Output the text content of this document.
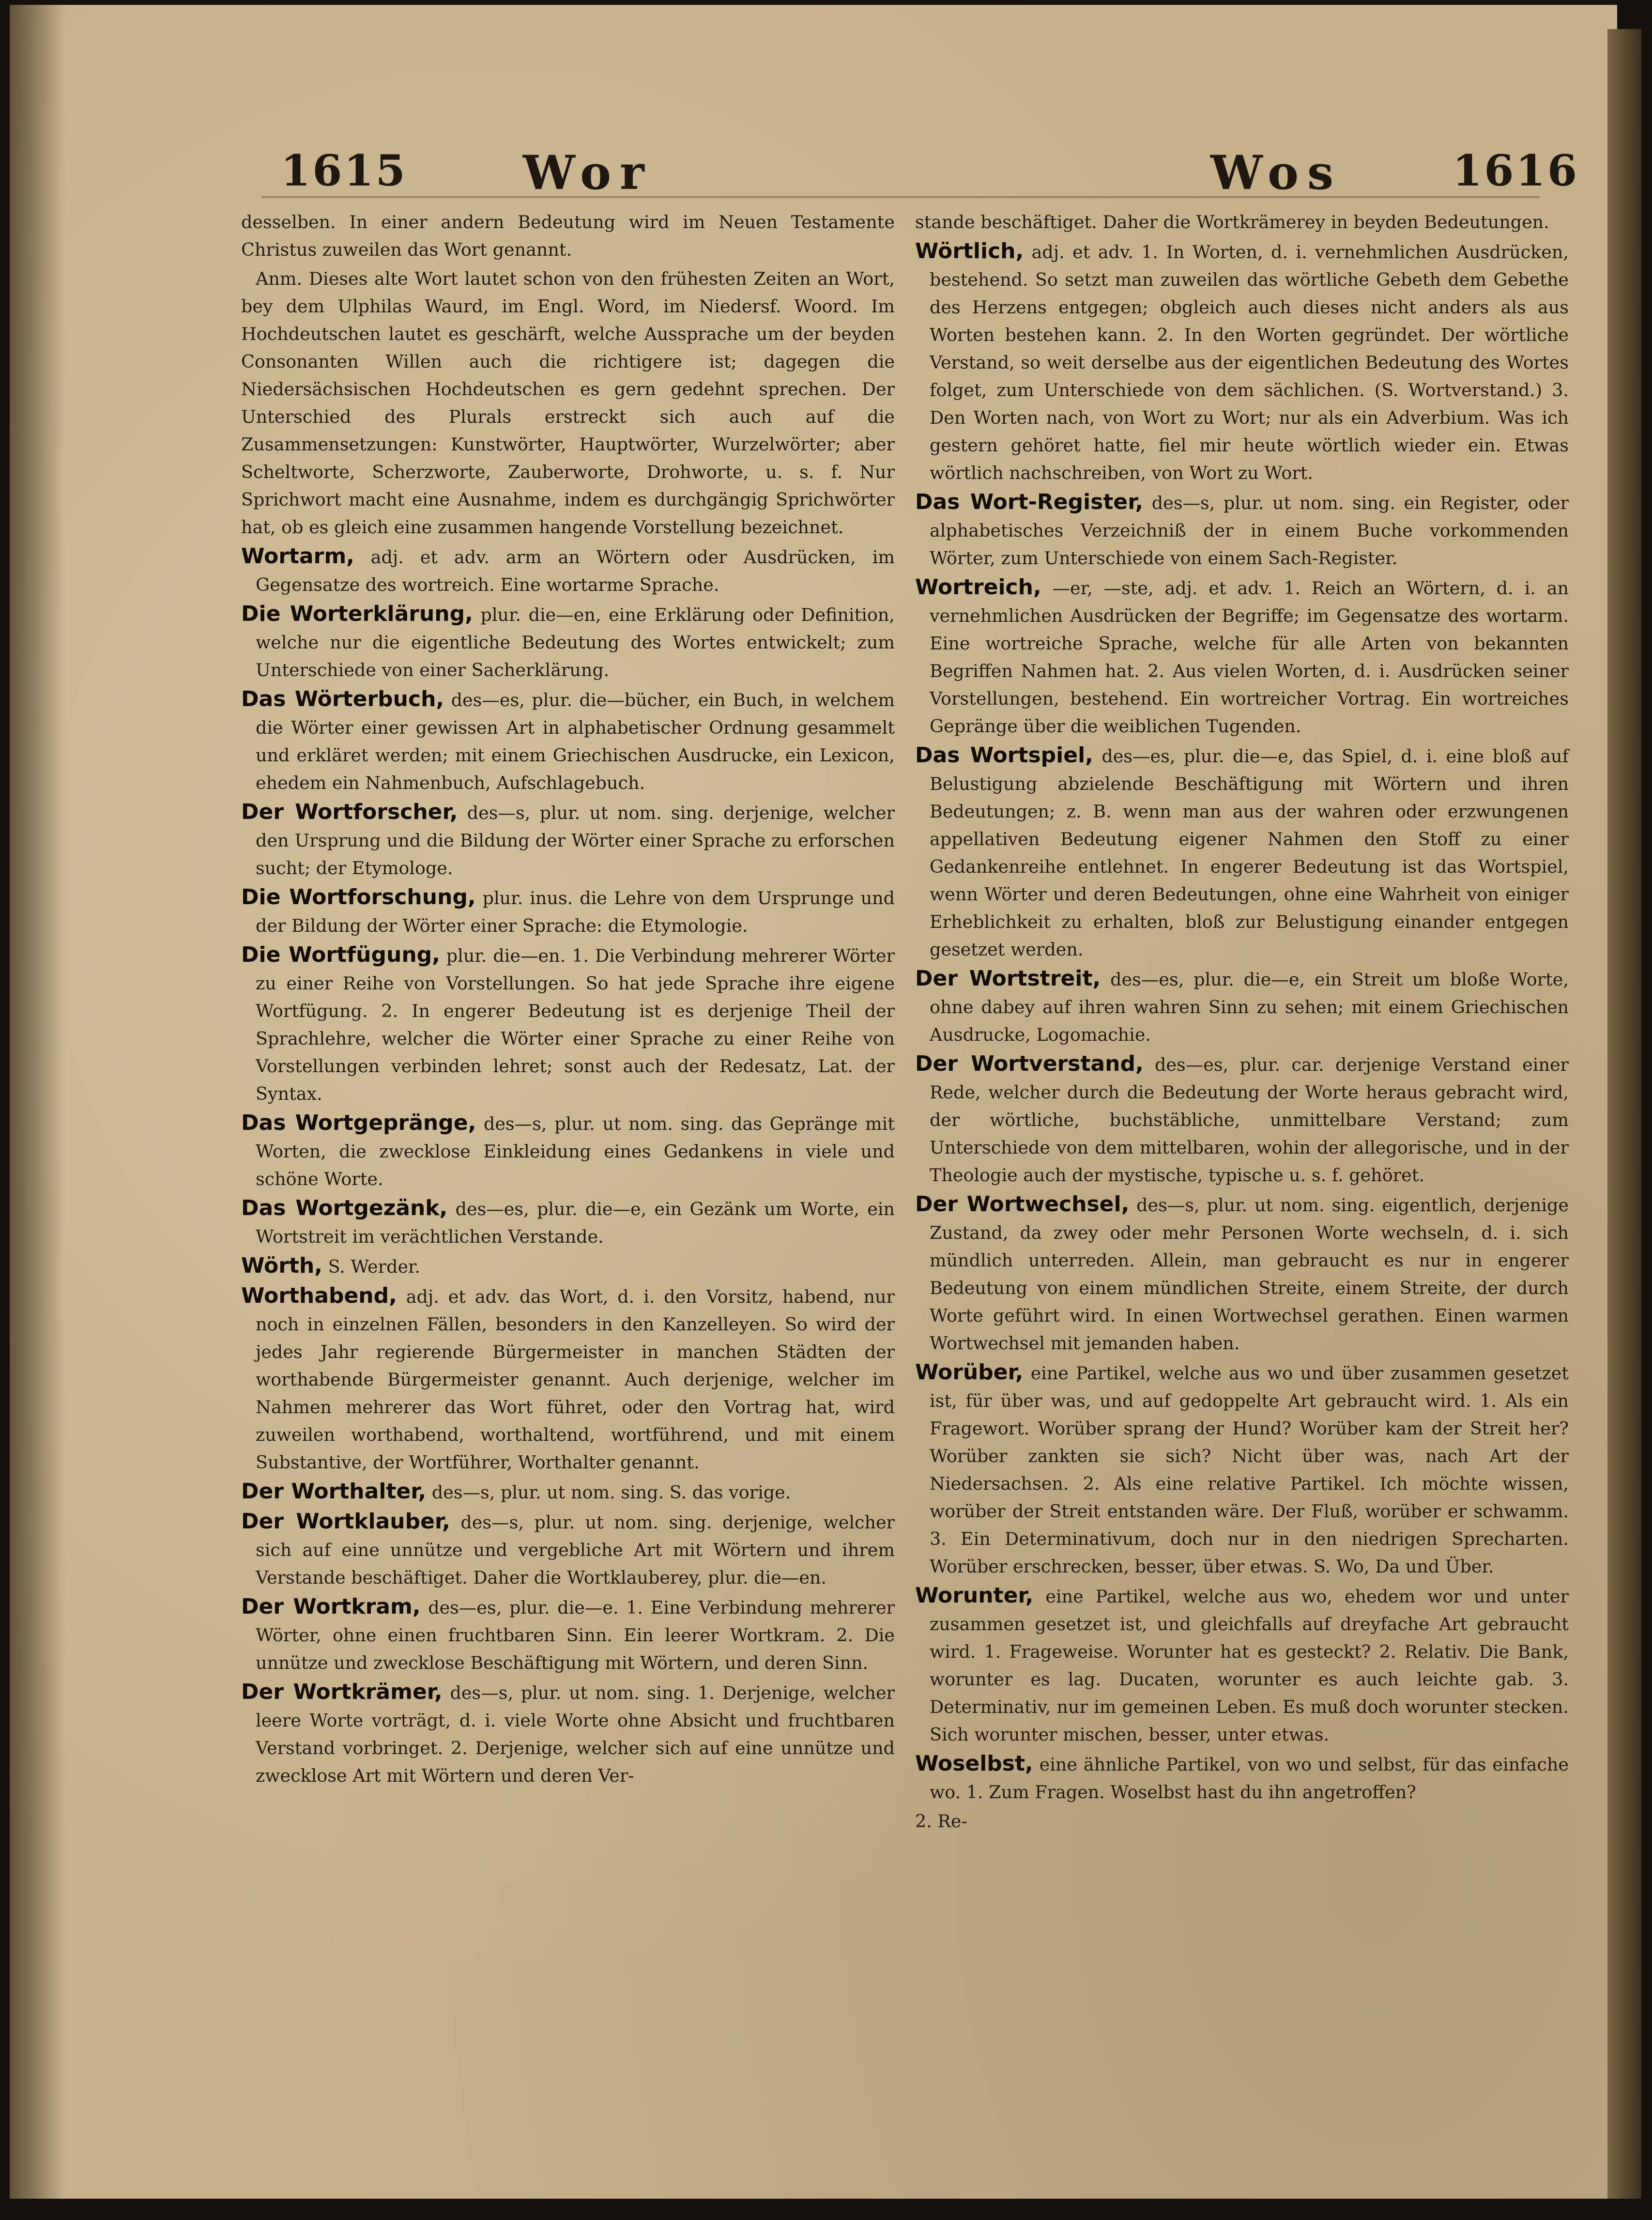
1615 Wor	Wos	1616

desselben. In einer andern Bedeutung wird im Neuen Testamente Christus zuweilen das Wort genannt.

Anm. Dieses alte Wort lautet schon von den frühesten Zeiten an Wort, bey dem Ulphilas Waurd, im Engl. Word, im Niedersf. Woord. Im Hochdeutschen lautet es geschärft, welche Aussprache um der beyden Consonanten Willen auch die richtigere ist; dagegen die Niedersächsischen Hochdeutschen es gern gedehnt sprechen. Der Unterschied des Plurals erstreckt sich auch auf die Zusammensetzungen: Kunstwörter, Hauptwörter, Wurzelwörter; aber Scheltworte, Scherzworte, Zauberworte, Drohworte, u. s. f. Nur Sprichwort macht eine Ausnahme, indem es durchgängig Sprichwörter hat, ob es gleich eine zusammen hangende Vorstellung bezeichnet.

Wortarm, adj. et adv. arm an Wörtern oder Ausdrücken, im Gegensatze des wortreich. Eine wortarme Sprache.

Die Worterklärung, plur. die—en, eine Erklärung oder Definition, welche nur die eigentliche Bedeutung des Wortes entwickelt; zum Unterschiede von einer Sacherklärung.

Das Wörterbuch, des—es, plur. die—bücher, ein Buch, in welchem die Wörter einer gewissen Art in alphabetischer Ordnung gesammelt und erkläret werden; mit einem Griechischen Ausdrucke, ein Lexicon, ehedem ein Nahmenbuch, Aufschlagebuch.

Der Wortforscher, des—s, plur. ut nom. sing. derjenige, welcher den Ursprung und die Bildung der Wörter einer Sprache zu erforschen sucht; der Etymologe.

Die Wortforschung, plur. inus. die Lehre von dem Ursprunge und der Bildung der Wörter einer Sprache: die Etymologie.

Die Wortfügung, plur. die—en. 1. Die Verbindung mehrerer Wörter zu einer Reihe von Vorstellungen. So hat jede Sprache ihre eigene Wortfügung. 2. In engerer Bedeutung ist es derjenige Theil der Sprachlehre, welcher die Wörter einer Sprache zu einer Reihe von Vorstellungen verbinden lehret; sonst auch der Redesatz, Lat. der Syntax.

Das Wortgepränge, des—s, plur. ut nom. sing. das Gepränge mit Worten, die zwecklose Einkleidung eines Gedankens in viele und schöne Worte.

Das Wortgezänk, des—es, plur. die—e, ein Gezänk um Worte, ein Wortstreit im verächtlichen Verstande.

Wörth, S. Werder.

Worthabend, adj. et adv. das Wort, d. i. den Vorsitz, habend, nur noch in einzelnen Fällen, besonders in den Kanzelleyen. So wird der jedes Jahr regierende Bürgermeister in manchen Städten der worthabende Bürgermeister genannt. Auch derjenige, welcher im Nahmen mehrerer das Wort führet, oder den Vortrag hat, wird zuweilen worthabend, worthaltend, wortführend, und mit einem Substantive, der Wortführer, Worthalter genannt.

Der Worthalter, des—s, plur. ut nom. sing. S. das vorige.

Der Wortklauber, des—s, plur. ut nom. sing. derjenige, welcher sich auf eine unnütze und vergebliche Art mit Wörtern und ihrem Verstande beschäftiget. Daher die Wortklauberey, plur. die—en.

Der Wortkram, des—es, plur. die—e. 1. Eine Verbindung mehrerer Wörter, ohne einen fruchtbaren Sinn. Ein leerer Wortkram. 2. Die unnütze und zwecklose Beschäftigung mit Wörtern, und deren Sinn.

Der Wortkrämer, des—s, plur. ut nom. sing. 1. Derjenige, welcher leere Worte vorträgt, d. i. viele Worte ohne Absicht und fruchtbaren Verstand vorbringet. 2. Derjenige, welcher sich auf eine unnütze und zwecklose Art mit Wörtern und deren Ver-

stande beschäftiget. Daher die Wortkrämerey in beyden Bedeutungen.

Wörtlich, adj. et adv. 1. In Worten, d. i. vernehmlichen Ausdrücken, bestehend. So setzt man zuweilen das wörtliche Gebeth dem Gebethe des Herzens entgegen; obgleich auch dieses nicht anders als aus Worten bestehen kann. 2. In den Worten gegründet. Der wörtliche Verstand, so weit derselbe aus der eigentlichen Bedeutung des Wortes folget, zum Unterschiede von dem sächlichen. (S. Wortverstand.) 3. Den Worten nach, von Wort zu Wort; nur als ein Adverbium. Was ich gestern gehöret hatte, fiel mir heute wörtlich wieder ein. Etwas wörtlich nachschreiben, von Wort zu Wort.

Das Wort-Register, des—s, plur. ut nom. sing. ein Register, oder alphabetisches Verzeichniß der in einem Buche vorkommenden Wörter, zum Unterschiede von einem Sach-Register.

Wortreich, —er, —ste, adj. et adv. 1. Reich an Wörtern, d. i. an vernehmlichen Ausdrücken der Begriffe; im Gegensatze des wortarm. Eine wortreiche Sprache, welche für alle Arten von bekannten Begriffen Nahmen hat. 2. Aus vielen Worten, d. i. Ausdrücken seiner Vorstellungen, bestehend. Ein wortreicher Vortrag. Ein wortreiches Gepränge über die weiblichen Tugenden.

Das Wortspiel, des—es, plur. die—e, das Spiel, d. i. eine bloß auf Belustigung abzielende Beschäftigung mit Wörtern und ihren Bedeutungen; z. B. wenn man aus der wahren oder erzwungenen appellativen Bedeutung eigener Nahmen den Stoff zu einer Gedankenreihe entlehnet. In engerer Bedeutung ist das Wortspiel, wenn Wörter und deren Bedeutungen, ohne eine Wahrheit von einiger Erheblichkeit zu erhalten, bloß zur Belustigung einander entgegen gesetzet werden.

Der Wortstreit, des—es, plur. die—e, ein Streit um bloße Worte, ohne dabey auf ihren wahren Sinn zu sehen; mit einem Griechischen Ausdrucke, Logomachie.

Der Wortverstand, des—es, plur. car. derjenige Verstand einer Rede, welcher durch die Bedeutung der Worte heraus gebracht wird, der wörtliche, buchstäbliche, unmittelbare Verstand; zum Unterschiede von dem mittelbaren, wohin der allegorische, und in der Theologie auch der mystische, typische u. s. f. gehöret.

Der Wortwechsel, des—s, plur. ut nom. sing. eigentlich, derjenige Zustand, da zwey oder mehr Personen Worte wechseln, d. i. sich mündlich unterreden. Allein, man gebraucht es nur in engerer Bedeutung von einem mündlichen Streite, einem Streite, der durch Worte geführt wird. In einen Wortwechsel gerathen. Einen warmen Wortwechsel mit jemanden haben.

Worüber, eine Partikel, welche aus wo und über zusammen gesetzet ist, für über was, und auf gedoppelte Art gebraucht wird. 1. Als ein Fragewort. Worüber sprang der Hund? Worüber kam der Streit her? Worüber zankten sie sich? Nicht über was, nach Art der Niedersachsen. 2. Als eine relative Partikel. Ich möchte wissen, worüber der Streit entstanden wäre. Der Fluß, worüber er schwamm. 3. Ein Determinativum, doch nur in den niedrigen Sprecharten. Worüber erschrecken, besser, über etwas. S. Wo, Da und Über.

Worunter, eine Partikel, welche aus wo, ehedem wor und unter zusammen gesetzet ist, und gleichfalls auf dreyfache Art gebraucht wird. 1. Frageweise. Worunter hat es gesteckt? 2. Relativ. Die Bank, worunter es lag. Ducaten, worunter es auch leichte gab. 3. Determinativ, nur im gemeinen Leben. Es muß doch worunter stecken. Sich worunter mischen, besser, unter etwas.

Woselbst, eine ähnliche Partikel, von wo und selbst, für das einfache wo. 1. Zum Fragen. Woselbst hast du ihn angetroffen?

2. Re-
